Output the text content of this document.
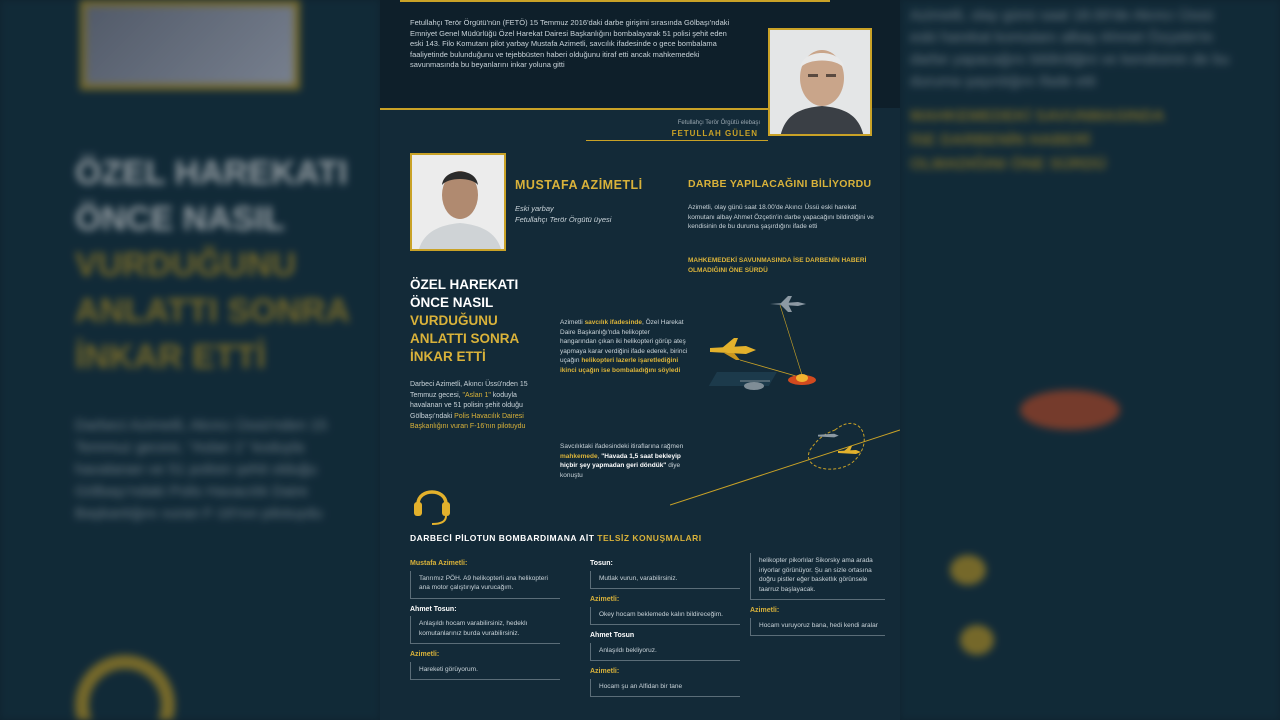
ÖZEL HAREKATI
ÖNCE NASIL
VURDUĞUNU
ANLATTI SONRA
İNKAR ETTİ
Darbeci Azimetli, Akıncı Üssü'nden 15 Temmuz gecesi, "Aslan 1" koduyla havalanan ve 51 polisin şehit olduğu Gölbaşı'ndaki Polis Havacılık Daire Başkanlığını vuran F-16'nın pilotuydu
Azimetli, olay günü saat 18.00'de Akıncı Üssü eski harekat komutanı albay Ahmet Özçetin'in darbe yapacağını bildirdiğini ve kendisinin de bu duruma şaşırdığını ifade etti
MAHKEMEDEKİ SAVUNMASINDA İSE DARBENİN HABERİ OLMADIĞINI ÖNE SÜRDÜ
Fetullahçı Terör Örgütü'nün (FETÖ) 15 Temmuz 2016'daki darbe girişimi sırasında Gölbaşı'ndaki Emniyet Genel Müdürlüğü Özel Harekat Dairesi Başkanlığını bombalayarak 51 polisi şehit eden eski 143. Filo Komutanı pilot yarbay Mustafa Azimetli, savcılık ifadesinde o gece bombalama faaliyetinde bulunduğunu ve tejebbüsten haberi olduğunu itiraf etti ancak mahkemedeki savunmasında bu beyanlarını inkar yoluna gitti
Fetullahçı Terör Örgütü elebaşı
FETULLAH GÜLEN
MUSTAFA AZİMETLİ
Eski yarbay
Fetullahçı Terör Örgütü üyesi
DARBE YAPILACAĞINI BİLİYORDU
Azimetli, olay günü saat 18.00'de Akıncı Üssü eski harekat komutanı albay Ahmet Özçetin'in darbe yapacağını bildirdiğini ve kendisinin de bu duruma şaşırdığını ifade etti
MAHKEMEDEKİ SAVUNMASINDA İSE DARBENİN HABERİ OLMADIĞINI ÖNE SÜRDÜ
ÖZEL HAREKATI
ÖNCE NASIL
VURDUĞUNU
ANLATTI SONRA
İNKAR ETTİ
Darbeci Azimetli, Akıncı Üssü'nden 15 Temmuz gecesi, "Aslan 1" koduyla havalanan ve 51 polisin şehit olduğu Gölbaşı'ndaki Polis Havacılık Dairesi Başkanlığını vuran F-16'nın pilotuydu
Azimetli savcılık ifadesinde, Özel Harekat Daire Başkanlığı'nda helikopter hangarından çıkan iki helikopteri görüp ateş yapmaya karar verdiğini ifade ederek, birinci uçağın helikopteri lazerle işaretlediğini ikinci uçağın ise bombaladığını söyledi
Savcılıktaki ifadesindeki itiraflarına rağmen mahkemede, "Havada 1,5 saat bekleyip hiçbir şey yapmadan geri döndük" diye konuştu
DARBECİ PİLOTUN BOMBARDIMANA AİT TELSİZ KONUŞMALARI
Mustafa Azimetli:
Tanrımız PÖH. A9 helikopterli ana helikopteri ana motor çalıştırıyla vurucağım.
Ahmet Tosun:
Anlaşıldı hocam varabilirsiniz, hedeklı komutanlarınız burda vurabilirsiniz.
Azimetli:
Hareketi görüyorum.
Tosun:
Mutlak vurun, varabilirsiniz.
Azimetli:
Okey hocam beklemede kalın bildireceğim.
Ahmet Tosun
Anlaşıldı bekliyoruz.
Azimetli:
Hocam şu an Alfidan bir tane
helikopter pikorlılar Sikorsky ama arada iriyorlar görünüyor. Şu an sizle ortasına doğru pistler eğer basketlık görünsele taarruz başlayacak.
Azimetli:
Hocam vuruyoruz bana, hedi kendi aralar
